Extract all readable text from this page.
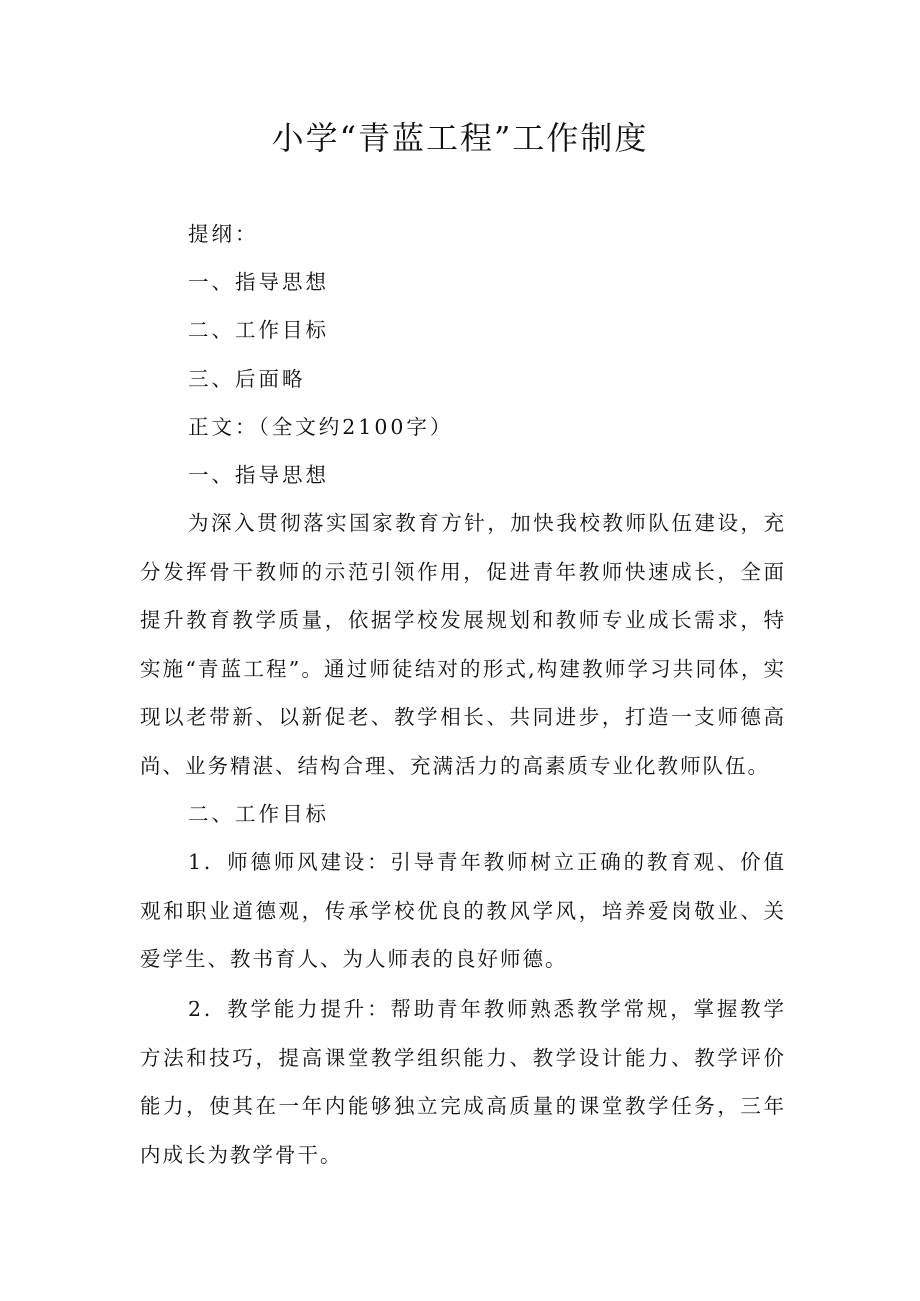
小学“青蓝工程”工作制度
提纲：
一、指导思想
二、工作目标
三、后面略
正文：（全文约2100字）
一、指导思想

为深入贯彻落实国家教育方针，加快我校教师队伍建设，充分发挥骨干教师的示范引领作用，促进青年教师快速成长，全面提升教育教学质量，依据学校发展规划和教师专业成长需求，特实施“青蓝工程”。通过师徒结对的形式,构建教师学习共同体，实现以老带新、以新促老、教学相长、共同进步，打造一支师德高尚、业务精湛、结构合理、充满活力的高素质专业化教师队伍。

二、工作目标

1．师德师风建设：引导青年教师树立正确的教育观、价值观和职业道德观，传承学校优良的教风学风，培养爱岗敬业、关爱学生、教书育人、为人师表的良好师德。

2．教学能力提升：帮助青年教师熟悉教学常规，掌握教学方法和技巧，提高课堂教学组织能力、教学设计能力、教学评价能力，使其在一年内能够独立完成高质量的课堂教学任务，三年内成长为教学骨干。
